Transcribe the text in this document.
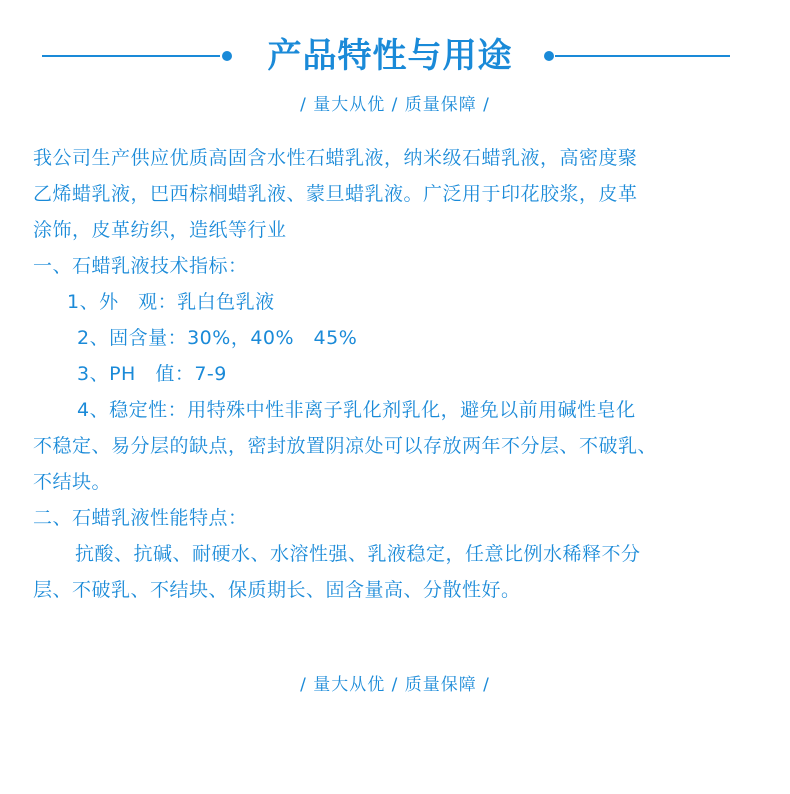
产品特性与用途
/ 量大从优 / 质量保障 /
我公司生产供应优质高固含水性石蜡乳液，纳米级石蜡乳液，高密度聚
乙烯蜡乳液，巴西棕榈蜡乳液、蒙旦蜡乳液。广泛用于印花胶浆，皮革
涂饰，皮革纺织，造纸等行业
一、石蜡乳液技术指标：
1、外　观：乳白色乳液
2、固含量：30%，40%　45%
3、PH　值：7-9
4、稳定性：用特殊中性非离子乳化剂乳化，避免以前用碱性皂化
不稳定、易分层的缺点，密封放置阴凉处可以存放两年不分层、不破乳、
不结块。
二、石蜡乳液性能特点：
抗酸、抗碱、耐硬水、水溶性强、乳液稳定，任意比例水稀释不分
层、不破乳、不结块、保质期长、固含量高、分散性好。
/ 量大从优 / 质量保障 /
